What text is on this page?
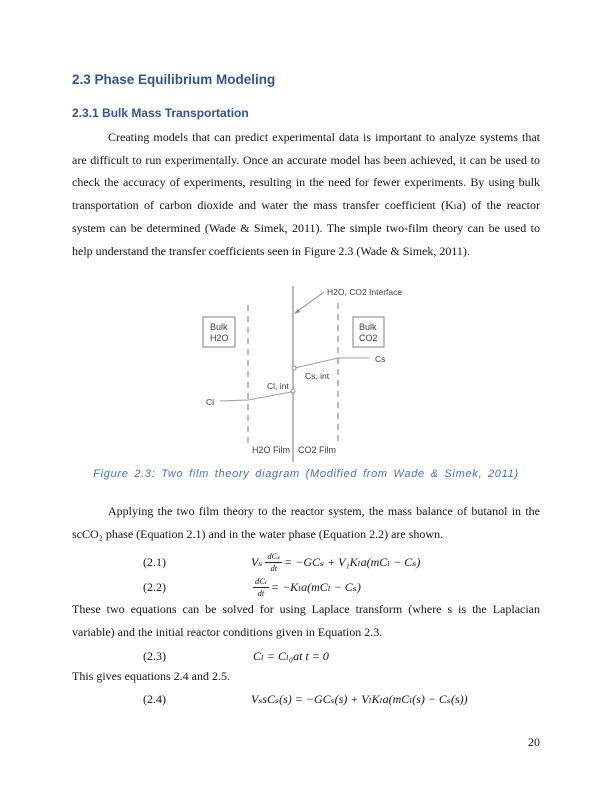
2.3 Phase Equilibrium Modeling
2.3.1 Bulk Mass Transportation
Creating models that can predict experimental data is important to analyze systems that are difficult to run experimentally. Once an accurate model has been achieved, it can be used to check the accuracy of experiments, resulting in the need for fewer experiments. By using bulk transportation of carbon dioxide and water the mass transfer coefficient (Kₗa) of the reactor system can be determined (Wade & Simek, 2011). The simple two-film theory can be used to help understand the transfer coefficients seen in Figure 2.3 (Wade & Simek, 2011).
H2O, CO2 Interface
Bulk
H2O
Bulk
CO2
Cs
Cs, int
Cl, int
Cl
H2O Film CO2 Film
Figure 2.3: Two film theory diagram (Modified from Wade & Simek, 2011)
Applying the two film theory to the reactor system, the mass balance of butanol in the scCO₂ phase (Equation 2.1) and in the water phase (Equation 2.2) are shown.
(2.1)	Vₛ $\frac{\text{dCₛ}}{dt} = -GC_s + V_1K_la(mC_l - C_s)$
(2.2)	$\frac{\text{dCₗ}}{dt} = -K_la(mC_l - C_s)$
These two equations can be solved for using Laplace transform (where s is the Laplacian variable) and the initial reactor conditions given in Equation 2.3.
(2.3)	Cₗ = Cₗ₀at t = 0
This gives equations 2.4 and 2.5.
(2.4)	VₛsCₛ(s) = −GCₛ(s) + VₗKₗa(mCₗ(s) − Cₛ(s))
20
